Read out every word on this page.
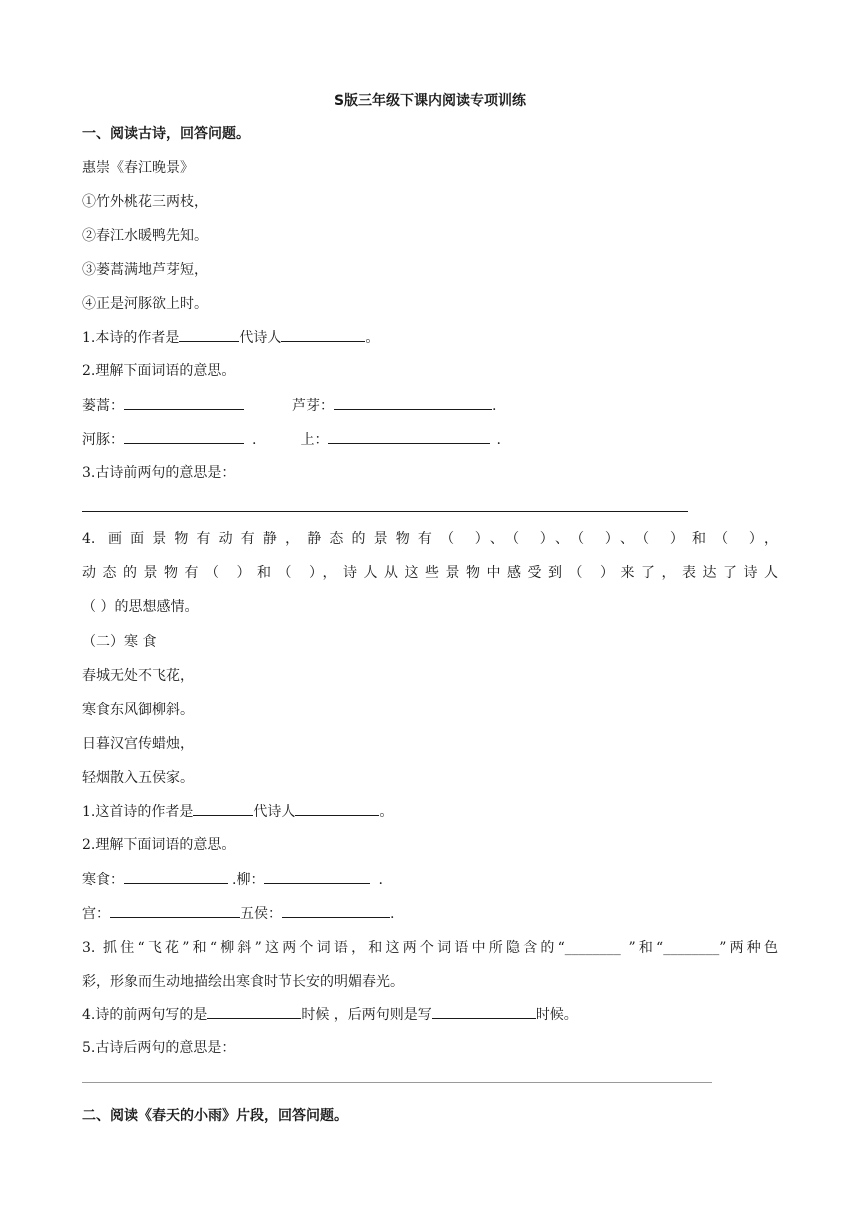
S版三年级下课内阅读专项训练
一、阅读古诗，回答问题。
惠崇《春江晚景》
①竹外桃花三两枝，
②春江水暖鸭先知。
③蒌蒿满地芦芽短，
④正是河豚欲上时。
1.本诗的作者是	代诗人	。
2.理解下面词语的意思。
蒌蒿：	芦芽：	.
河豚：	.	上：	.
3.古诗前两句的意思是：
4. 画面景物有动有静，静态的景物有（ ）、（ ）、（ ）、（ ）和（ ），
动态的景物有（ ）和（ ），诗人从这些景物中感受到（ ）来了，表达了诗人
（ ）的思想感情。
（二）寒 食
春城无处不飞花，
寒食东风御柳斜。
日暮汉宫传蜡烛，
轻烟散入五侯家。
1.这首诗的作者是	代诗人	。
2.理解下面词语的意思。
寒食：	.柳：	.
宫：	五侯：	.
3. 抓住“飞花”和“柳斜”这两个词语，和这两个词语中所隐含的“________ ”和“________”两种色
彩，形象而生动地描绘出寒食时节长安的明媚春光。
4.诗的前两句写的是	时候 ，后两句则是写	时候。
5.古诗后两句的意思是：
二、阅读《春天的小雨》片段，回答问题。
